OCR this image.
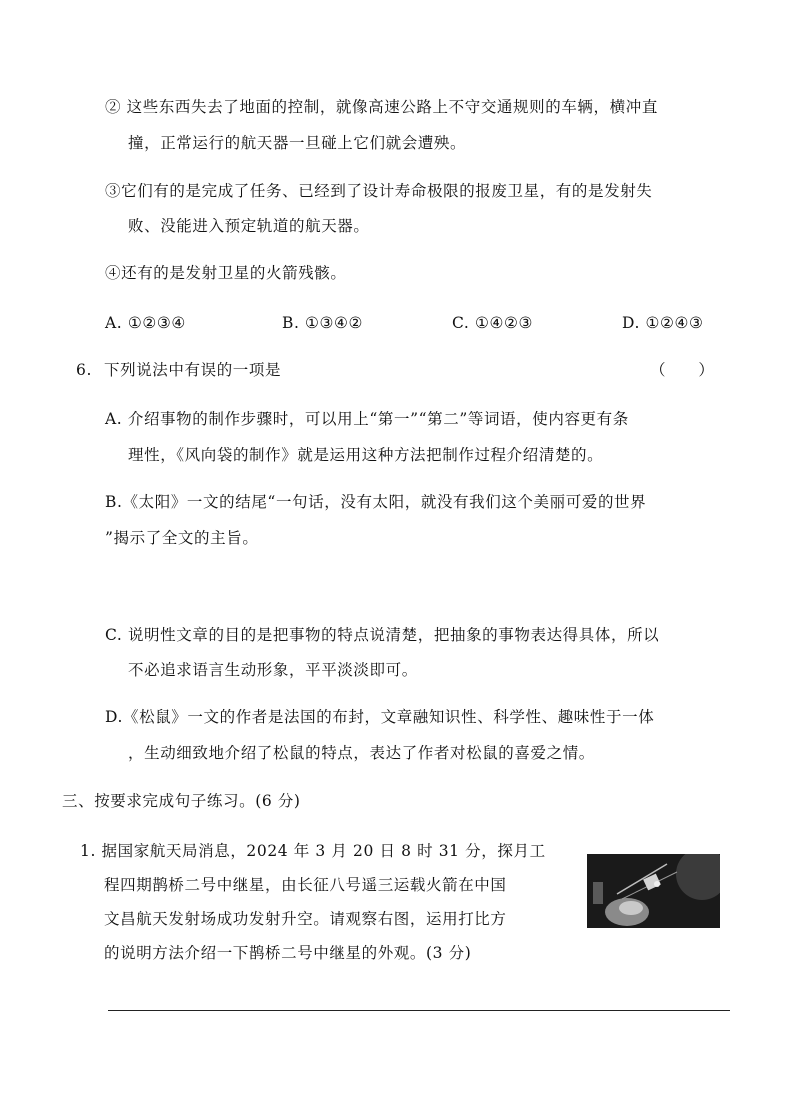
② 这些东西失去了地面的控制，就像高速公路上不守交通规则的车辆，横冲直
撞，正常运行的航天器一旦碰上它们就会遭殃。
③它们有的是完成了任务、已经到了设计寿命极限的报废卫星，有的是发射失
败、没能进入预定轨道的航天器。
④还有的是发射卫星的火箭残骸。
A. ①②③④	B. ①③④②	C. ①④②③	D. ①②④③
6. 下列说法中有误的一项是	（ ）
A. 介绍事物的制作步骤时，可以用上“第一”“第二”等词语，使内容更有条
理性，《风向袋的制作》就是运用这种方法把制作过程介绍清楚的。
B.《太阳》一文的结尾“一句话，没有太阳，就没有我们这个美丽可爱的世界
”揭示了全文的主旨。
C. 说明性文章的目的是把事物的特点说清楚，把抽象的事物表达得具体，所以
不必追求语言生动形象，平平淡淡即可。
D.《松鼠》一文的作者是法国的布封，文章融知识性、科学性、趣味性于一体
，生动细致地介绍了松鼠的特点，表达了作者对松鼠的喜爱之情。
三、按要求完成句子练习。(6 分)
1. 据国家航天局消息，2024 年 3 月 20 日 8 时 31 分，探月工
程四期鹊桥二号中继星，由长征八号遥三运载火箭在中国
文昌航天发射场成功发射升空。请观察右图，运用打比方
的说明方法介绍一下鹊桥二号中继星的外观。(3 分)
